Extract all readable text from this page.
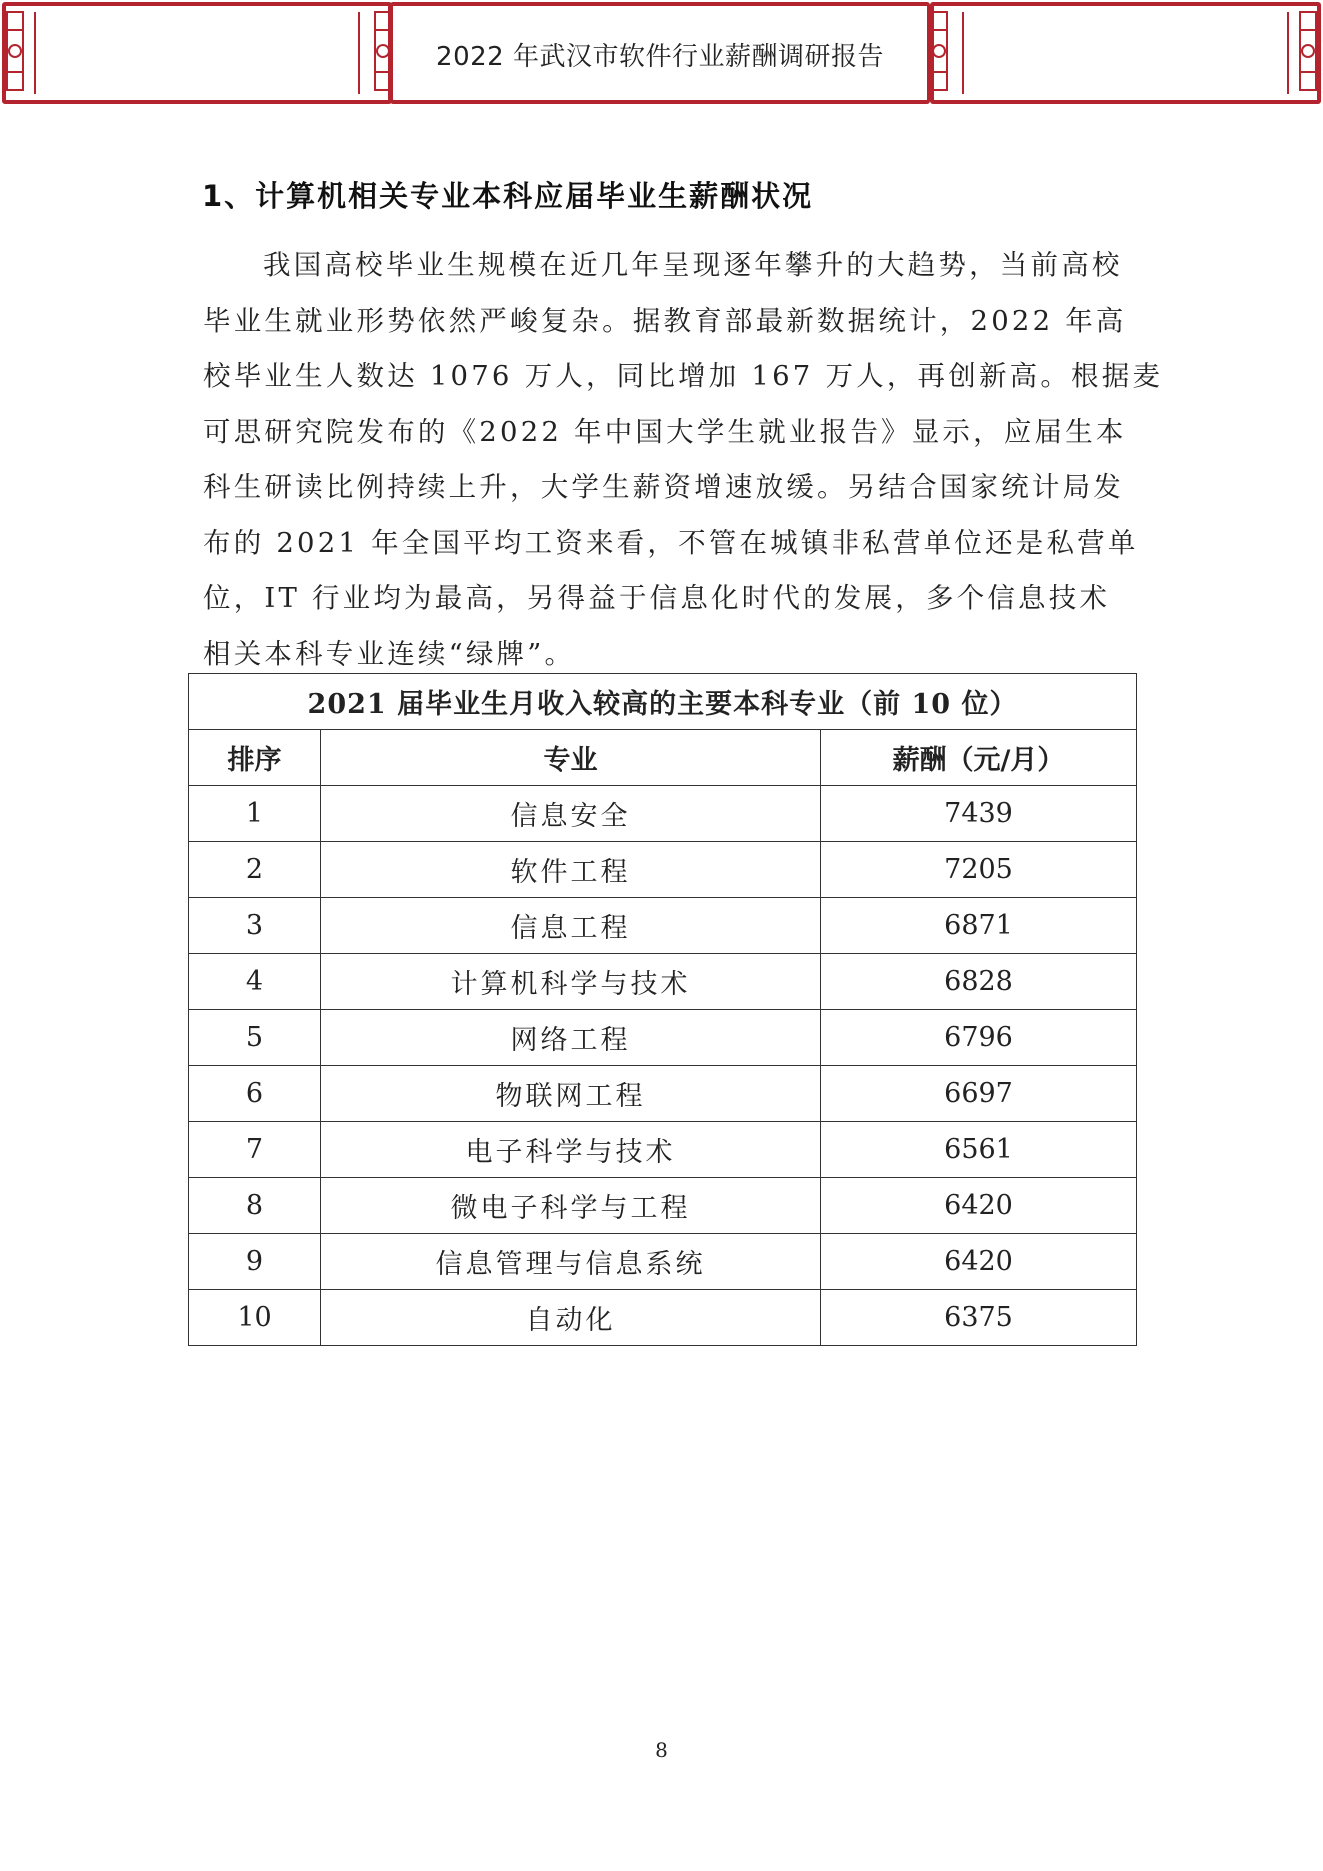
2022 年武汉市软件行业薪酬调研报告
1、计算机相关专业本科应届毕业生薪酬状况
我国高校毕业生规模在近几年呈现逐年攀升的大趋势，当前高校
毕业生就业形势依然严峻复杂。据教育部最新数据统计，2022 年高
校毕业生人数达 1076 万人，同比增加 167 万人，再创新高。根据麦
可思研究院发布的《2022 年中国大学生就业报告》显示，应届生本
科生研读比例持续上升，大学生薪资增速放缓。另结合国家统计局发
布的 2021 年全国平均工资来看，不管在城镇非私营单位还是私营单
位，IT 行业均为最高，另得益于信息化时代的发展，多个信息技术
相关本科专业连续“绿牌”。
2021 届毕业生月收入较高的主要本科专业（前 10 位）		
排序	专业	薪酬（元/月）
1	信息安全	7439
2	软件工程	7205
3	信息工程	6871
4	计算机科学与技术	6828
5	网络工程	6796
6	物联网工程	6697
7	电子科学与技术	6561
8	微电子科学与工程	6420
9	信息管理与信息系统	6420
10	自动化	6375
8
